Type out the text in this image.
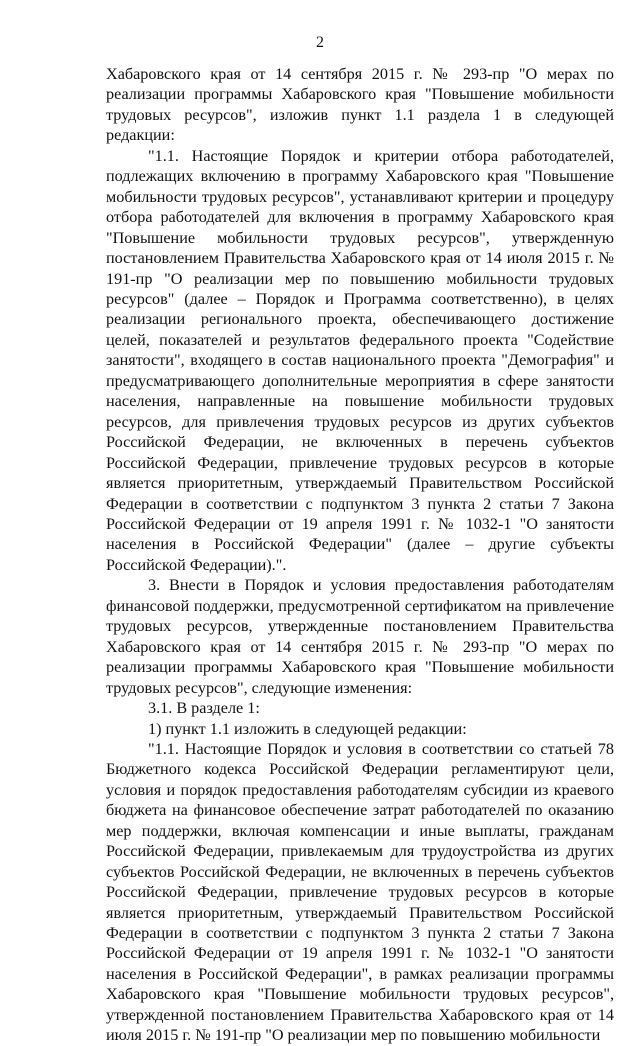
2

Хабаровского края от 14 сентября 2015 г. № 293-пр "О мерах по реализации программы Хабаровского края "Повышение мобильности трудовых ресурсов", изложив пункт 1.1 раздела 1 в следующей редакции:

"1.1. Настоящие Порядок и критерии отбора работодателей, подлежащих включению в программу Хабаровского края "Повышение мобильности трудовых ресурсов", устанавливают критерии и процедуру отбора работодателей для включения в программу Хабаровского края "Повышение мобильности трудовых ресурсов", утвержденную постановлением Правительства Хабаровского края от 14 июля 2015 г. № 191-пр "О реализации мер по повышению мобильности трудовых ресурсов" (далее – Порядок и Программа соответственно), в целях реализации регионального проекта, обеспечивающего достижение целей, показателей и результатов федерального проекта "Содействие занятости", входящего в состав национального проекта "Демография" и предусматривающего дополнительные мероприятия в сфере занятости населения, направленные на повышение мобильности трудовых ресурсов, для привлечения трудовых ресурсов из других субъектов Российской Федерации, не включенных в перечень субъектов Российской Федерации, привлечение трудовых ресурсов в которые является приоритетным, утверждаемый Правительством Российской Федерации в соответствии с подпунктом 3 пункта 2 статьи 7 Закона Российской Федерации от 19 апреля 1991 г. № 1032-1 "О занятости населения в Российской Федерации" (далее – другие субъекты Российской Федерации).".

3. Внести в Порядок и условия предоставления работодателям финансовой поддержки, предусмотренной сертификатом на привлечение трудовых ресурсов, утвержденные постановлением Правительства Хабаровского края от 14 сентября 2015 г. № 293-пр "О мерах по реализации программы Хабаровского края "Повышение мобильности трудовых ресурсов", следующие изменения:

3.1. В разделе 1:

1) пункт 1.1 изложить в следующей редакции:

"1.1. Настоящие Порядок и условия в соответствии со статьей 78 Бюджетного кодекса Российской Федерации регламентируют цели, условия и порядок предоставления работодателям субсидии из краевого бюджета на финансовое обеспечение затрат работодателей по оказанию мер поддержки, включая компенсации и иные выплаты, гражданам Российской Федерации, привлекаемым для трудоустройства из других субъектов Российской Федерации, не включенных в перечень субъектов Российской Федерации, привлечение трудовых ресурсов в которые является приоритетным, утверждаемый Правительством Российской Федерации в соответствии с подпунктом 3 пункта 2 статьи 7 Закона Российской Федерации от 19 апреля 1991 г. № 1032-1 "О занятости населения в Российской Федерации", в рамках реализации программы Хабаровского края "Повышение мобильности трудовых ресурсов", утвержденной постановлением Правительства Хабаровского края от 14 июля 2015 г. № 191-пр "О реализации мер по повышению мобильности
